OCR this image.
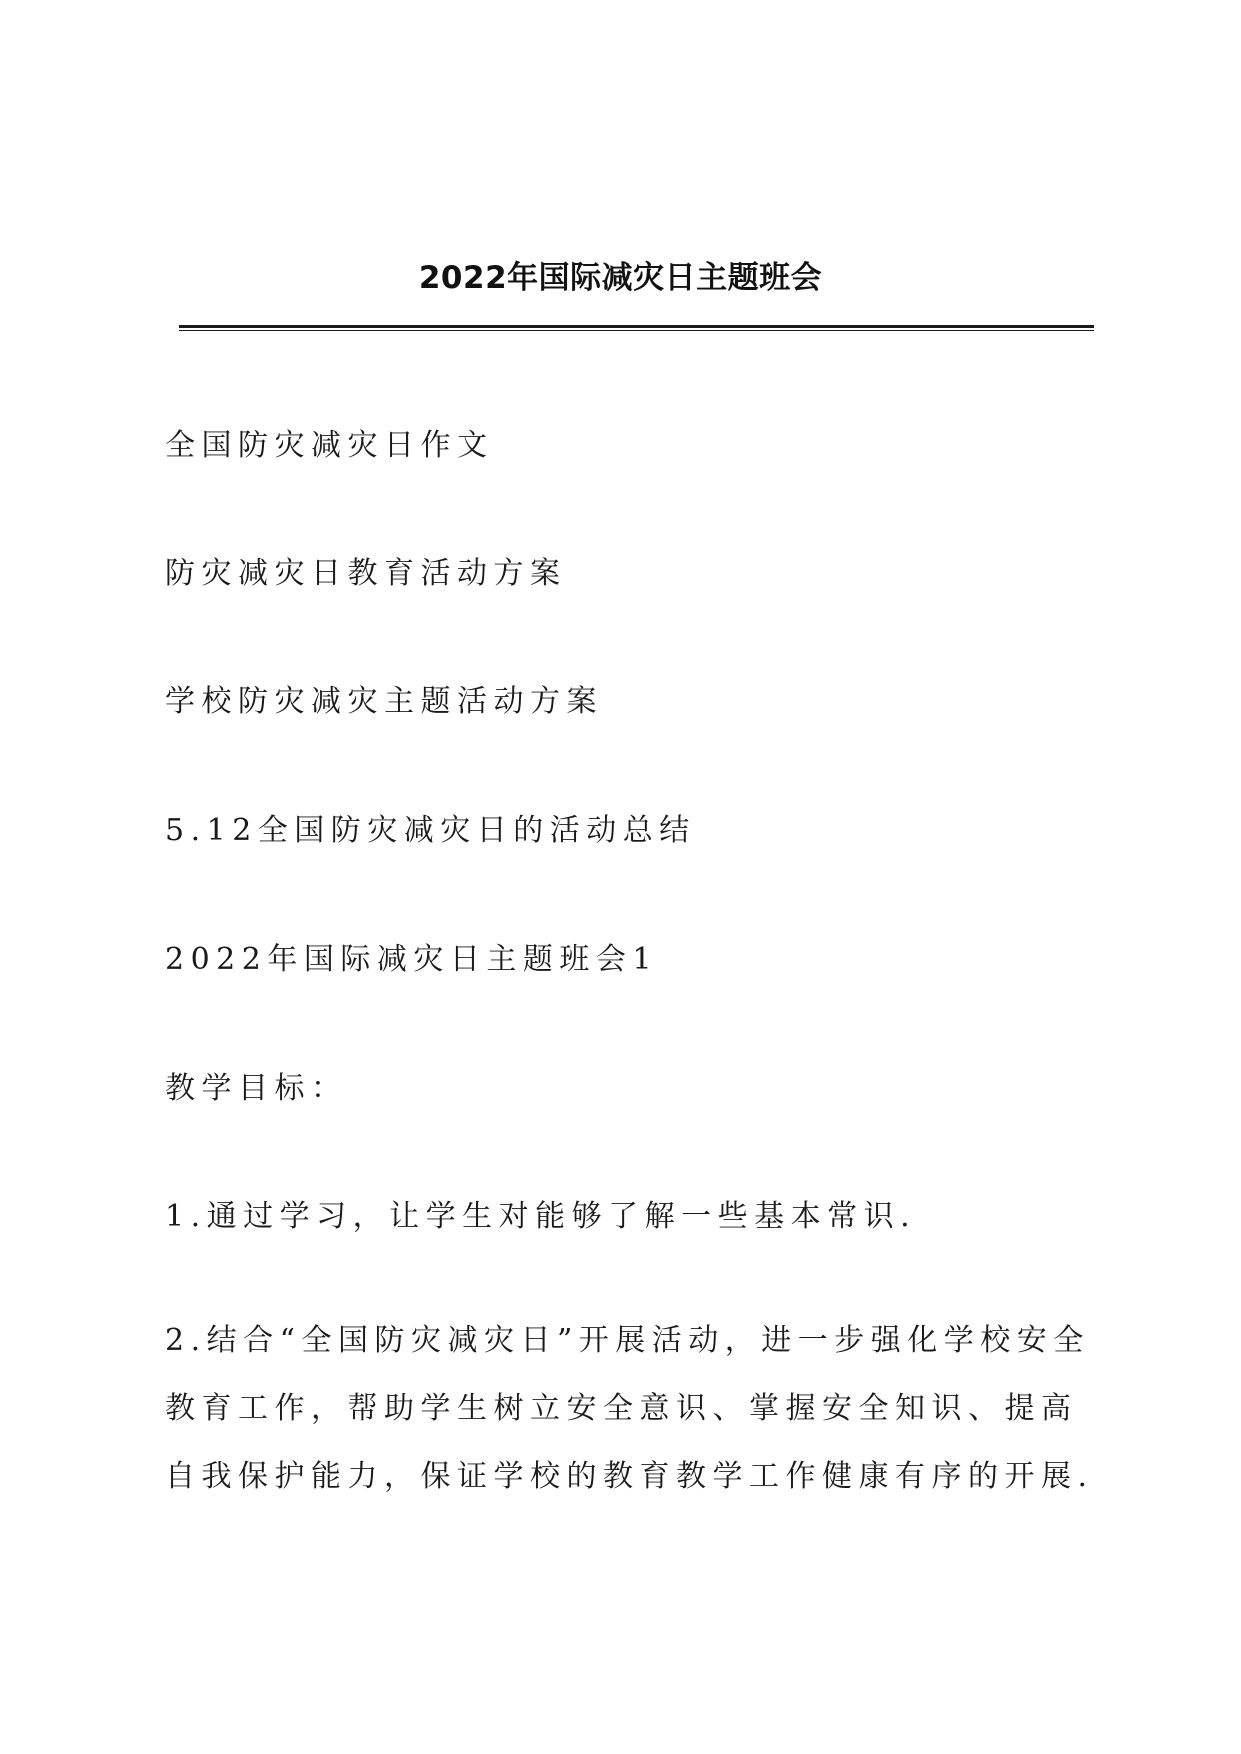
2022年国际减灾日主题班会
全国防灾减灾日作文
防灾减灾日教育活动方案
学校防灾减灾主题活动方案
5.12全国防灾减灾日的活动总结
2022年国际减灾日主题班会1
教学目标：
1.通过学习，让学生对能够了解一些基本常识.
2.结合“全国防灾减灾日”开展活动，进一步强化学校安全教育工作，帮助学生树立安全意识、掌握安全知识、提高自我保护能力，保证学校的教育教学工作健康有序的开展.
